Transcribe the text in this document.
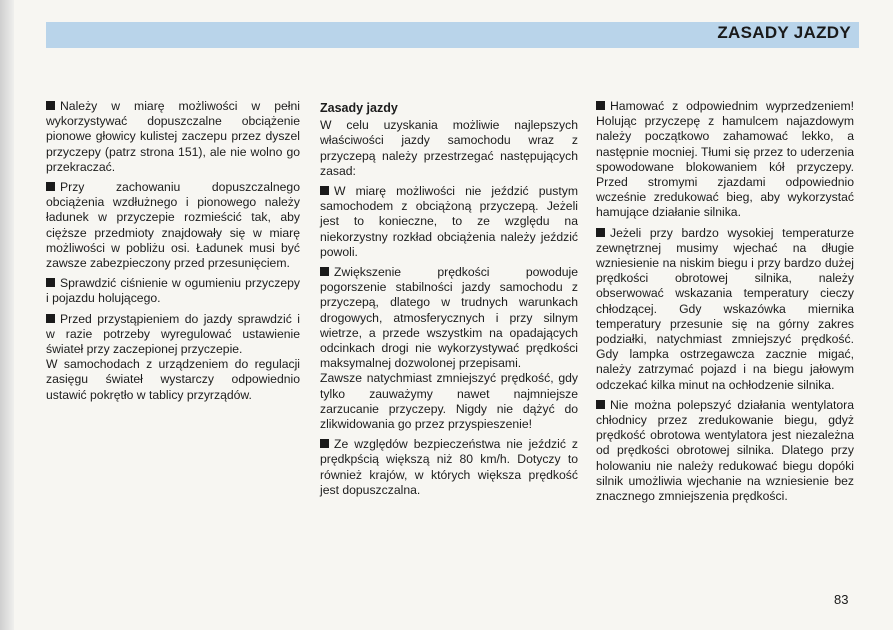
ZASADY JAZDY

Należy w miarę możliwości w pełni wykorzystywać dopuszczalne obciążenie pionowe głowicy kulistej zaczepu przez dyszel przyczepy (patrz strona 151), ale nie wolno go przekraczać.

Przy zachowaniu dopuszczalnego obciążenia wzdłużnego i pionowego należy ładunek w przyczepie rozmieścić tak, aby cięższe przedmioty znajdowały się w miarę możliwości w pobliżu osi. Ładunek musi być zawsze zabezpieczony przed przesunięciem.

Sprawdzić ciśnienie w ogumieniu przyczepy i pojazdu holującego.

Przed przystąpieniem do jazdy sprawdzić i w razie potrzeby wyregulować ustawienie świateł przy zaczepionej przyczepie.

W samochodach z urządzeniem do regulacji zasięgu świateł wystarczy odpowiednio ustawić pokrętło w tablicy przyrządów.

Zasady jazdy

W celu uzyskania możliwie najlepszych właściwości jazdy samochodu wraz z przyczepą należy przestrzegać następujących zasad:

W miarę możliwości nie jeździć pustym samochodem z obciążoną przyczepą. Jeżeli jest to konieczne, to ze względu na niekorzystny rozkład obciążenia należy jeździć powoli.

Zwiększenie prędkości powoduje pogorszenie stabilności jazdy samochodu z przyczepą, dlatego w trudnych warunkach drogowych, atmosferycznych i przy silnym wietrze, a przede wszystkim na opadających odcinkach drogi nie wykorzystywać prędkości maksymalnej dozwolonej przepisami.

Zawsze natychmiast zmniejszyć prędkość, gdy tylko zauważymy nawet najmniejsze zarzucanie przyczepy. Nigdy nie dążyć do zlikwidowania go przez przyspieszenie!

Ze względów bezpieczeństwa nie jeździć z prędkpścią większą niż 80 km/h. Dotyczy to również krajów, w których większa prędkość jest dopuszczalna.

Hamować z odpowiednim wyprzedzeniem! Holując przyczepę z hamulcem najazdowym należy początkowo zahamować lekko, a następnie mocniej. Tłumi się przez to uderzenia spowodowane blokowaniem kół przyczepy. Przed stromymi zjazdami odpowiednio wcześnie zredukować bieg, aby wykorzystać hamujące działanie silnika.

Jeżeli przy bardzo wysokiej temperaturze zewnętrznej musimy wjechać na długie wzniesienie na niskim biegu i przy bardzo dużej prędkości obrotowej silnika, należy obserwować wskazania temperatury cieczy chłodzącej. Gdy wskazówka miernika temperatury przesunie się na górny zakres podziałki, natychmiast zmniejszyć prędkość. Gdy lampka ostrzegawcza zacznie migać, należy zatrzymać pojazd i na biegu jałowym odczekać kilka minut na ochłodzenie silnika.

Nie można polepszyć działania wentylatora chłodnicy przez zredukowanie biegu, gdyż prędkość obrotowa wentylatora jest niezależna od prędkości obrotowej silnika. Dlatego przy holowaniu nie należy redukować biegu dopóki silnik umożliwia wjechanie na wzniesienie bez znacznego zmniejszenia prędkości.

83
